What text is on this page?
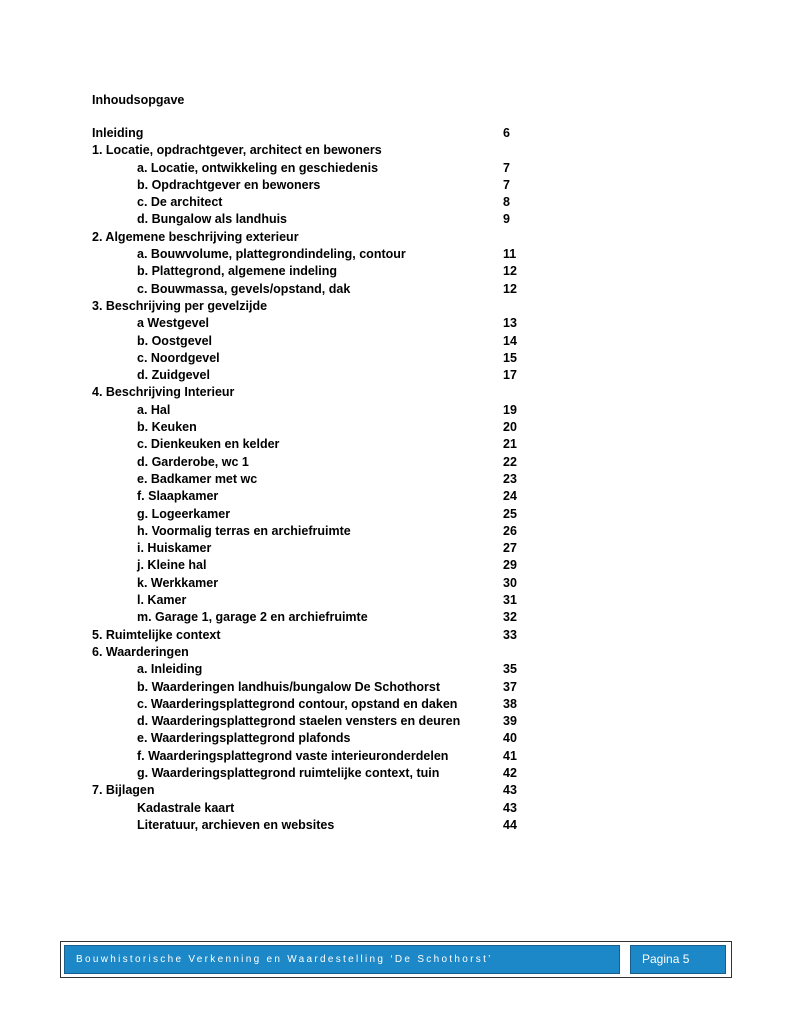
Inhoudsopgave
Inleiding	6
1. Locatie, opdrachtgever, architect en bewoners
a. Locatie, ontwikkeling en geschiedenis	7
b. Opdrachtgever en bewoners	7
c. De architect	8
d. Bungalow als landhuis	9
2. Algemene beschrijving exterieur
a. Bouwvolume, plattegrondindeling, contour	11
b. Plattegrond, algemene indeling	12
c. Bouwmassa, gevels/opstand, dak	12
3. Beschrijving per gevelzijde
a Westgevel	13
b. Oostgevel	14
c. Noordgevel	15
d. Zuidgevel	17
4. Beschrijving Interieur
a. Hal	19
b. Keuken	20
c. Dienkeuken en kelder	21
d. Garderobe, wc 1	22
e. Badkamer met wc	23
f. Slaapkamer	24
g. Logeerkamer	25
h. Voormalig terras en archiefruimte	26
i. Huiskamer	27
j. Kleine hal	29
k. Werkkamer	30
l. Kamer	31
m. Garage 1, garage 2 en archiefruimte	32
5. Ruimtelijke context	33
6. Waarderingen
a. Inleiding	35
b. Waarderingen landhuis/bungalow De Schothorst	37
c. Waarderingsplattegrond contour, opstand en daken	38
d. Waarderingsplattegrond staelen vensters en deuren	39
e. Waarderingsplattegrond plafonds	40
f. Waarderingsplattegrond vaste interieuronderdelen	41
g. Waarderingsplattegrond ruimtelijke context, tuin	42
7. Bijlagen	43
Kadastrale kaart	43
Literatuur, archieven en websites	44
Bouwhistorische Verkenning en Waardestelling ‘De Schothorst’	Pagina 5
